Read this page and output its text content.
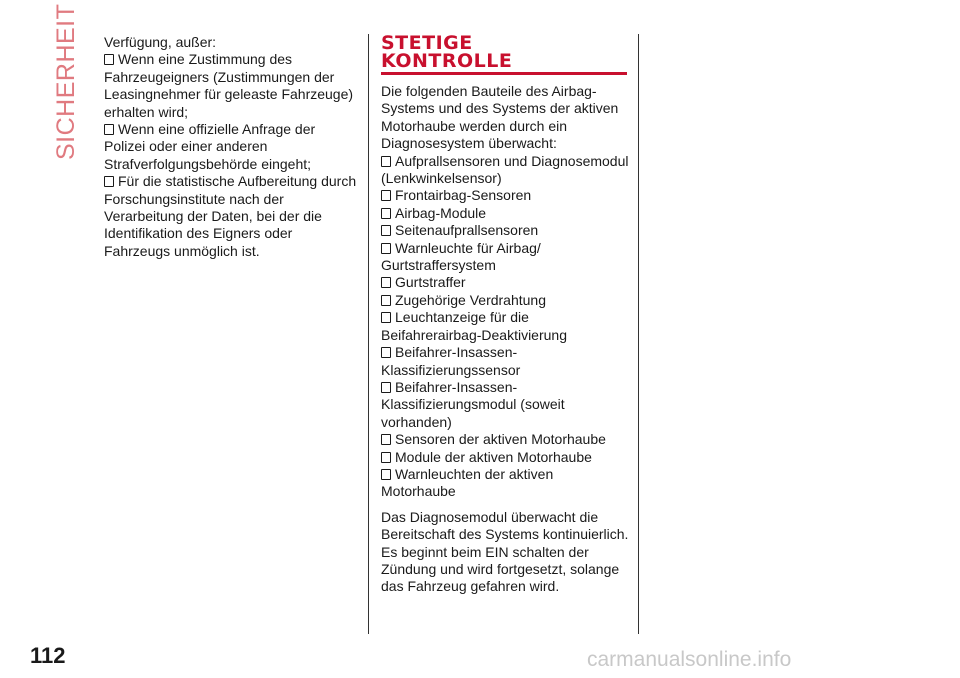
SICHERHEIT
112

Verfügung, außer:

Wenn eine Zustimmung des Fahrzeugeigners (Zustimmungen der Leasingnehmer für geleaste Fahrzeuge) erhalten wird;

Wenn eine offizielle Anfrage der Polizei oder einer anderen Strafverfolgungsbehörde eingeht;

Für die statistische Aufbereitung durch Forschungsinstitute nach der Verarbeitung der Daten, bei der die Identifikation des Eigners oder Fahrzeugs unmöglich ist.

STETIGE
KONTROLLE

Die folgenden Bauteile des Airbag-Systems und des Systems der aktiven Motorhaube werden durch ein Diagnosesystem überwacht:

Aufprallsensoren und Diagnosemodul (Lenkwinkelsensor)

Frontairbag-Sensoren

Airbag-Module

Seitenaufprallsensoren

Warnleuchte für Airbag/ Gurtstraffersystem

Gurtstraffer

Zugehörige Verdrahtung

Leuchtanzeige für die Beifahrerairbag-Deaktivierung

Beifahrer-Insassen- Klassifizierungssensor

Beifahrer-Insassen- Klassifizierungsmodul (soweit vorhanden)

Sensoren der aktiven Motorhaube

Module der aktiven Motorhaube

Warnleuchten der aktiven Motorhaube

Das Diagnosemodul überwacht die Bereitschaft des Systems kontinuierlich. Es beginnt beim EIN schalten der Zündung und wird fortgesetzt, solange das Fahrzeug gefahren wird.

carmanualsonline.info
